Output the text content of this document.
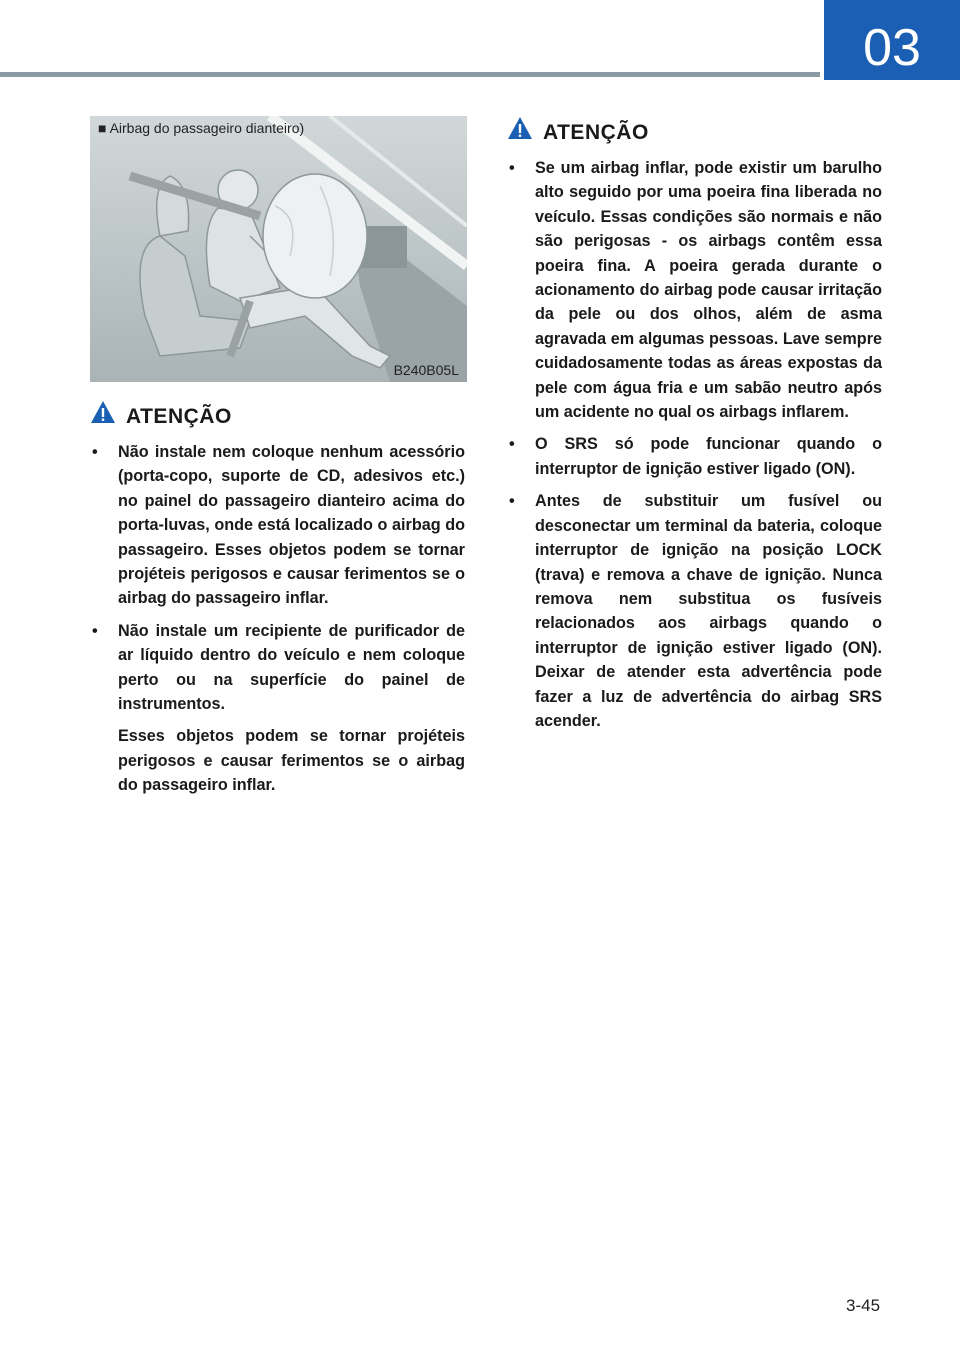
03
■ Airbag do passageiro dianteiro)
B240B05L
ATENÇÃO
• Não instale nem coloque nenhum acessório (porta-copo, suporte de CD, adesivos etc.) no painel do passageiro dianteiro acima do porta-luvas, onde está localizado o airbag do passageiro. Esses objetos podem se tornar projéteis perigosos e causar ferimentos se o airbag do passageiro inflar.
• Não instale um recipiente de purificador de ar líquido dentro do veículo e nem coloque perto ou na superfície do painel de instrumentos.
Esses objetos podem se tornar projéteis perigosos e causar ferimentos se o airbag do passageiro inflar.
ATENÇÃO
• Se um airbag inflar, pode existir um barulho alto seguido por uma poeira fina liberada no veículo. Essas condições são normais e não são perigosas - os airbags contêm essa poeira fina. A poeira gerada durante o acionamento do airbag pode causar irritação da pele ou dos olhos, além de asma agravada em algumas pessoas. Lave sempre cuidadosamente todas as áreas expostas da pele com água fria e um sabão neutro após um acidente no qual os airbags inflarem.
• O SRS só pode funcionar quando o interruptor de ignição estiver ligado (ON).
• Antes de substituir um fusível ou desconectar um terminal da bateria, coloque interruptor de ignição na posição LOCK (trava) e remova a chave de ignição. Nunca remova nem substitua os fusíveis relacionados aos airbags quando o interruptor de ignição estiver ligado (ON). Deixar de atender esta advertência pode fazer a luz de advertência do airbag SRS acender.
3-45
